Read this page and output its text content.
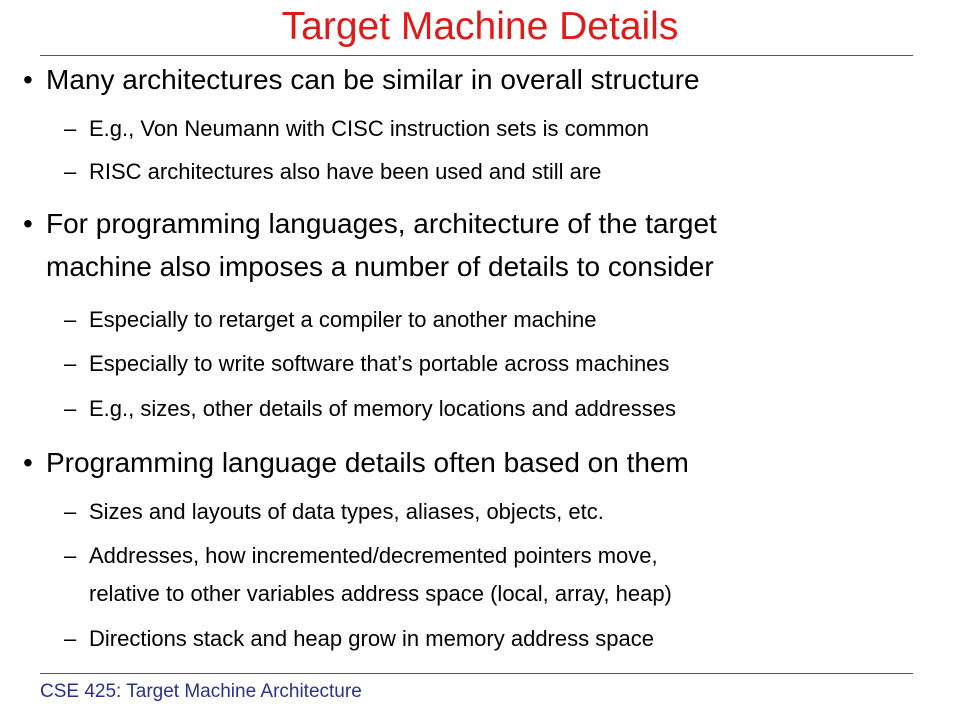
Target Machine Details
• Many architectures can be similar in overall structure
– E.g., Von Neumann with CISC instruction sets is common
– RISC architectures also have been used and still are
• For programming languages, architecture of the target
machine also imposes a number of details to consider
– Especially to retarget a compiler to another machine
– Especially to write software that’s portable across machines
– E.g., sizes, other details of memory locations and addresses
• Programming language details often based on them
– Sizes and layouts of data types, aliases, objects, etc.
– Addresses, how incremented/decremented pointers move,
relative to other variables address space (local, array, heap)
– Directions stack and heap grow in memory address space

CSE 425: Target Machine Architecture
